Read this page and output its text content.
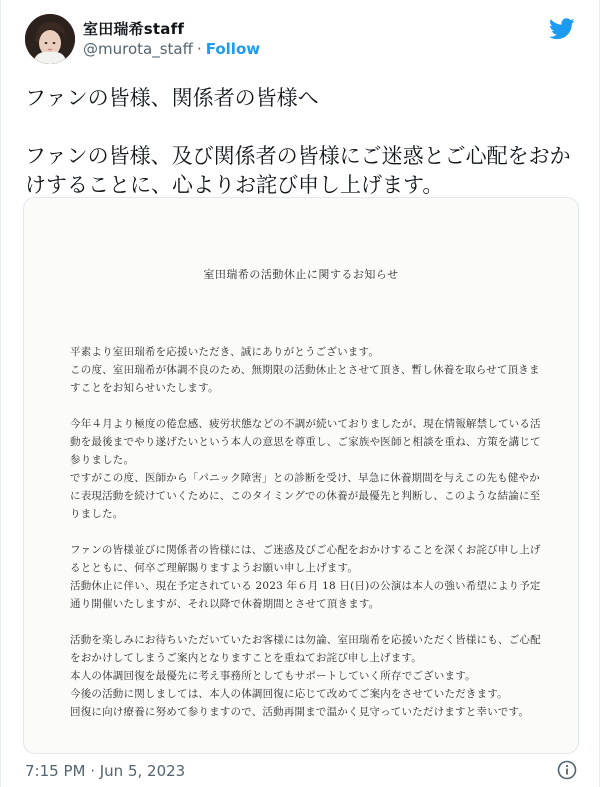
室田瑞希staff
@murota_staff · Follow
ファンの皆様、関係者の皆様へ

ファンの皆様、及び関係者の皆様にご迷惑とご心配をおかけすることに、心よりお詫び申し上げます。
室田瑞希の活動休止に関するお知らせ

平素より室田瑞希を応援いただき、誠にありがとうございます。
この度、室田瑞希が体調不良のため、無期限の活動休止とさせて頂き、暫し休養を取らせて頂きますことをお知らせいたします。

今年４月より極度の倦怠感、疲労状態などの不調が続いておりましたが、現在情報解禁している活動を最後までやり遂げたいという本人の意思を尊重し、ご家族や医師と相談を重ね、方策を講じて参りました。
ですがこの度、医師から「パニック障害」との診断を受け、早急に休養期間を与えこの先も健やかに表現活動を続けていくために、このタイミングでの休養が最優先と判断し、このような結論に至りました。

ファンの皆様並びに関係者の皆様には、ご迷惑及びご心配をおかけすることを深くお詫び申し上げるとともに、何卒ご理解賜りますようお願い申し上げます。
活動休止に伴い、現在予定されている 2023 年６月 18 日(日)の公演は本人の強い希望により予定通り開催いたしますが、それ以降で休養期間とさせて頂きます。

活動を楽しみにお待ちいただいていたお客様には勿論、室田瑞希を応援いただく皆様にも、ご心配をおかけしてしまうご案内となりますことを重ねてお詫び申し上げます。
本人の体調回復を最優先に考え事務所としてもサポートしていく所存でございます。
今後の活動に関しましては、本人の体調回復に応じて改めてご案内をさせていただきます。
回復に向け療養に努めて参りますので、活動再開まで温かく見守っていただけますと幸いです。

7:15 PM · Jun 5, 2023
